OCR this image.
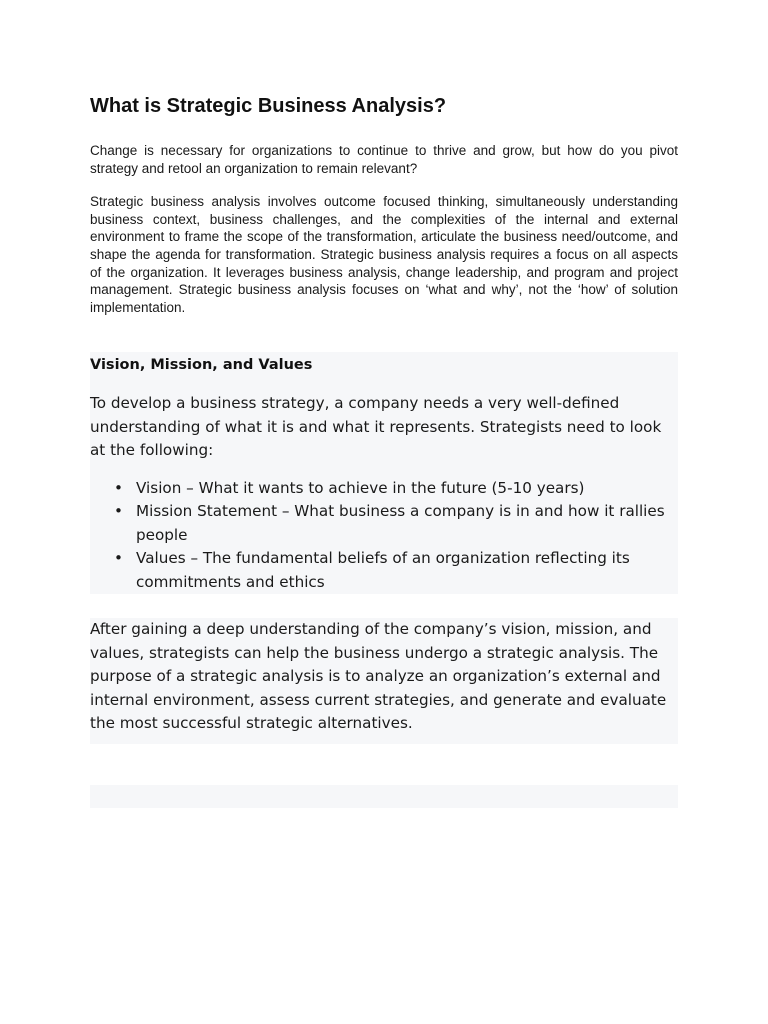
What is Strategic Business Analysis?

Change is necessary for organizations to continue to thrive and grow, but how do you pivot strategy and retool an organization to remain relevant?

Strategic business analysis involves outcome focused thinking, simultaneously understanding business context, business challenges, and the complexities of the internal and external environment to frame the scope of the transformation, articulate the business need/outcome, and shape the agenda for transformation. Strategic business analysis requires a focus on all aspects of the organization. It leverages business analysis, change leadership, and program and project management. Strategic business analysis focuses on ‘what and why’, not the ‘how’ of solution implementation.

Vision, Mission, and Values

To develop a business strategy, a company needs a very well-defined understanding of what it is and what it represents. Strategists need to look at the following:

• Vision – What it wants to achieve in the future (5-10 years)
• Mission Statement – What business a company is in and how it rallies people
• Values – The fundamental beliefs of an organization reflecting its commitments and ethics

After gaining a deep understanding of the company’s vision, mission, and values, strategists can help the business undergo a strategic analysis. The purpose of a strategic analysis is to analyze an organization’s external and internal environment, assess current strategies, and generate and evaluate the most successful strategic alternatives.
